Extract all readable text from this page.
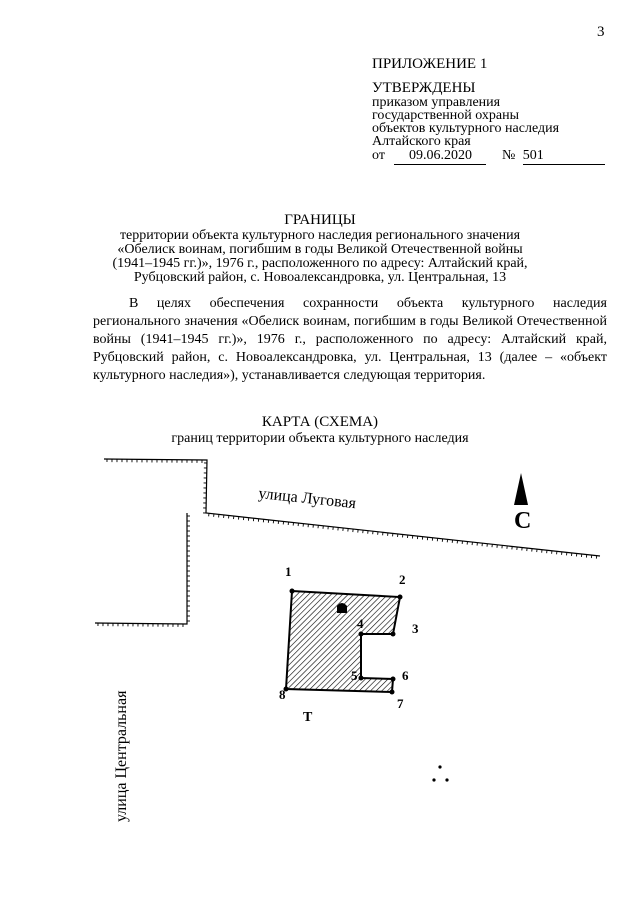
3
ПРИЛОЖЕНИЕ 1
УТВЕРЖДЕНЫ
приказом управления
государственной охраны
объектов культурного наследия
Алтайского края
от 09.06.2020 № 501
ГРАНИЦЫ
территории объекта культурного наследия регионального значения
«Обелиск воинам, погибшим в годы Великой Отечественной войны
(1941–1945 гг.)», 1976 г., расположенного по адресу: Алтайский край,
Рубцовский район, с. Новоалександровка, ул. Центральная, 13

В целях обеспечения сохранности объекта культурного наследия регионального значения «Обелиск воинам, погибшим в годы Великой Отечественной войны (1941–1945 гг.)», 1976 г., расположенного по адресу: Алтайский край, Рубцовский район, с. Новоалександровка, ул. Центральная, 13 (далее – «объект культурного наследия»), устанавливается следующая территория.

КАРТА (СХЕМА)
границ территории объекта культурного наследия
С
улица Луговая
улица Центральная
1
2
3
4
5	6
7
8
Т
